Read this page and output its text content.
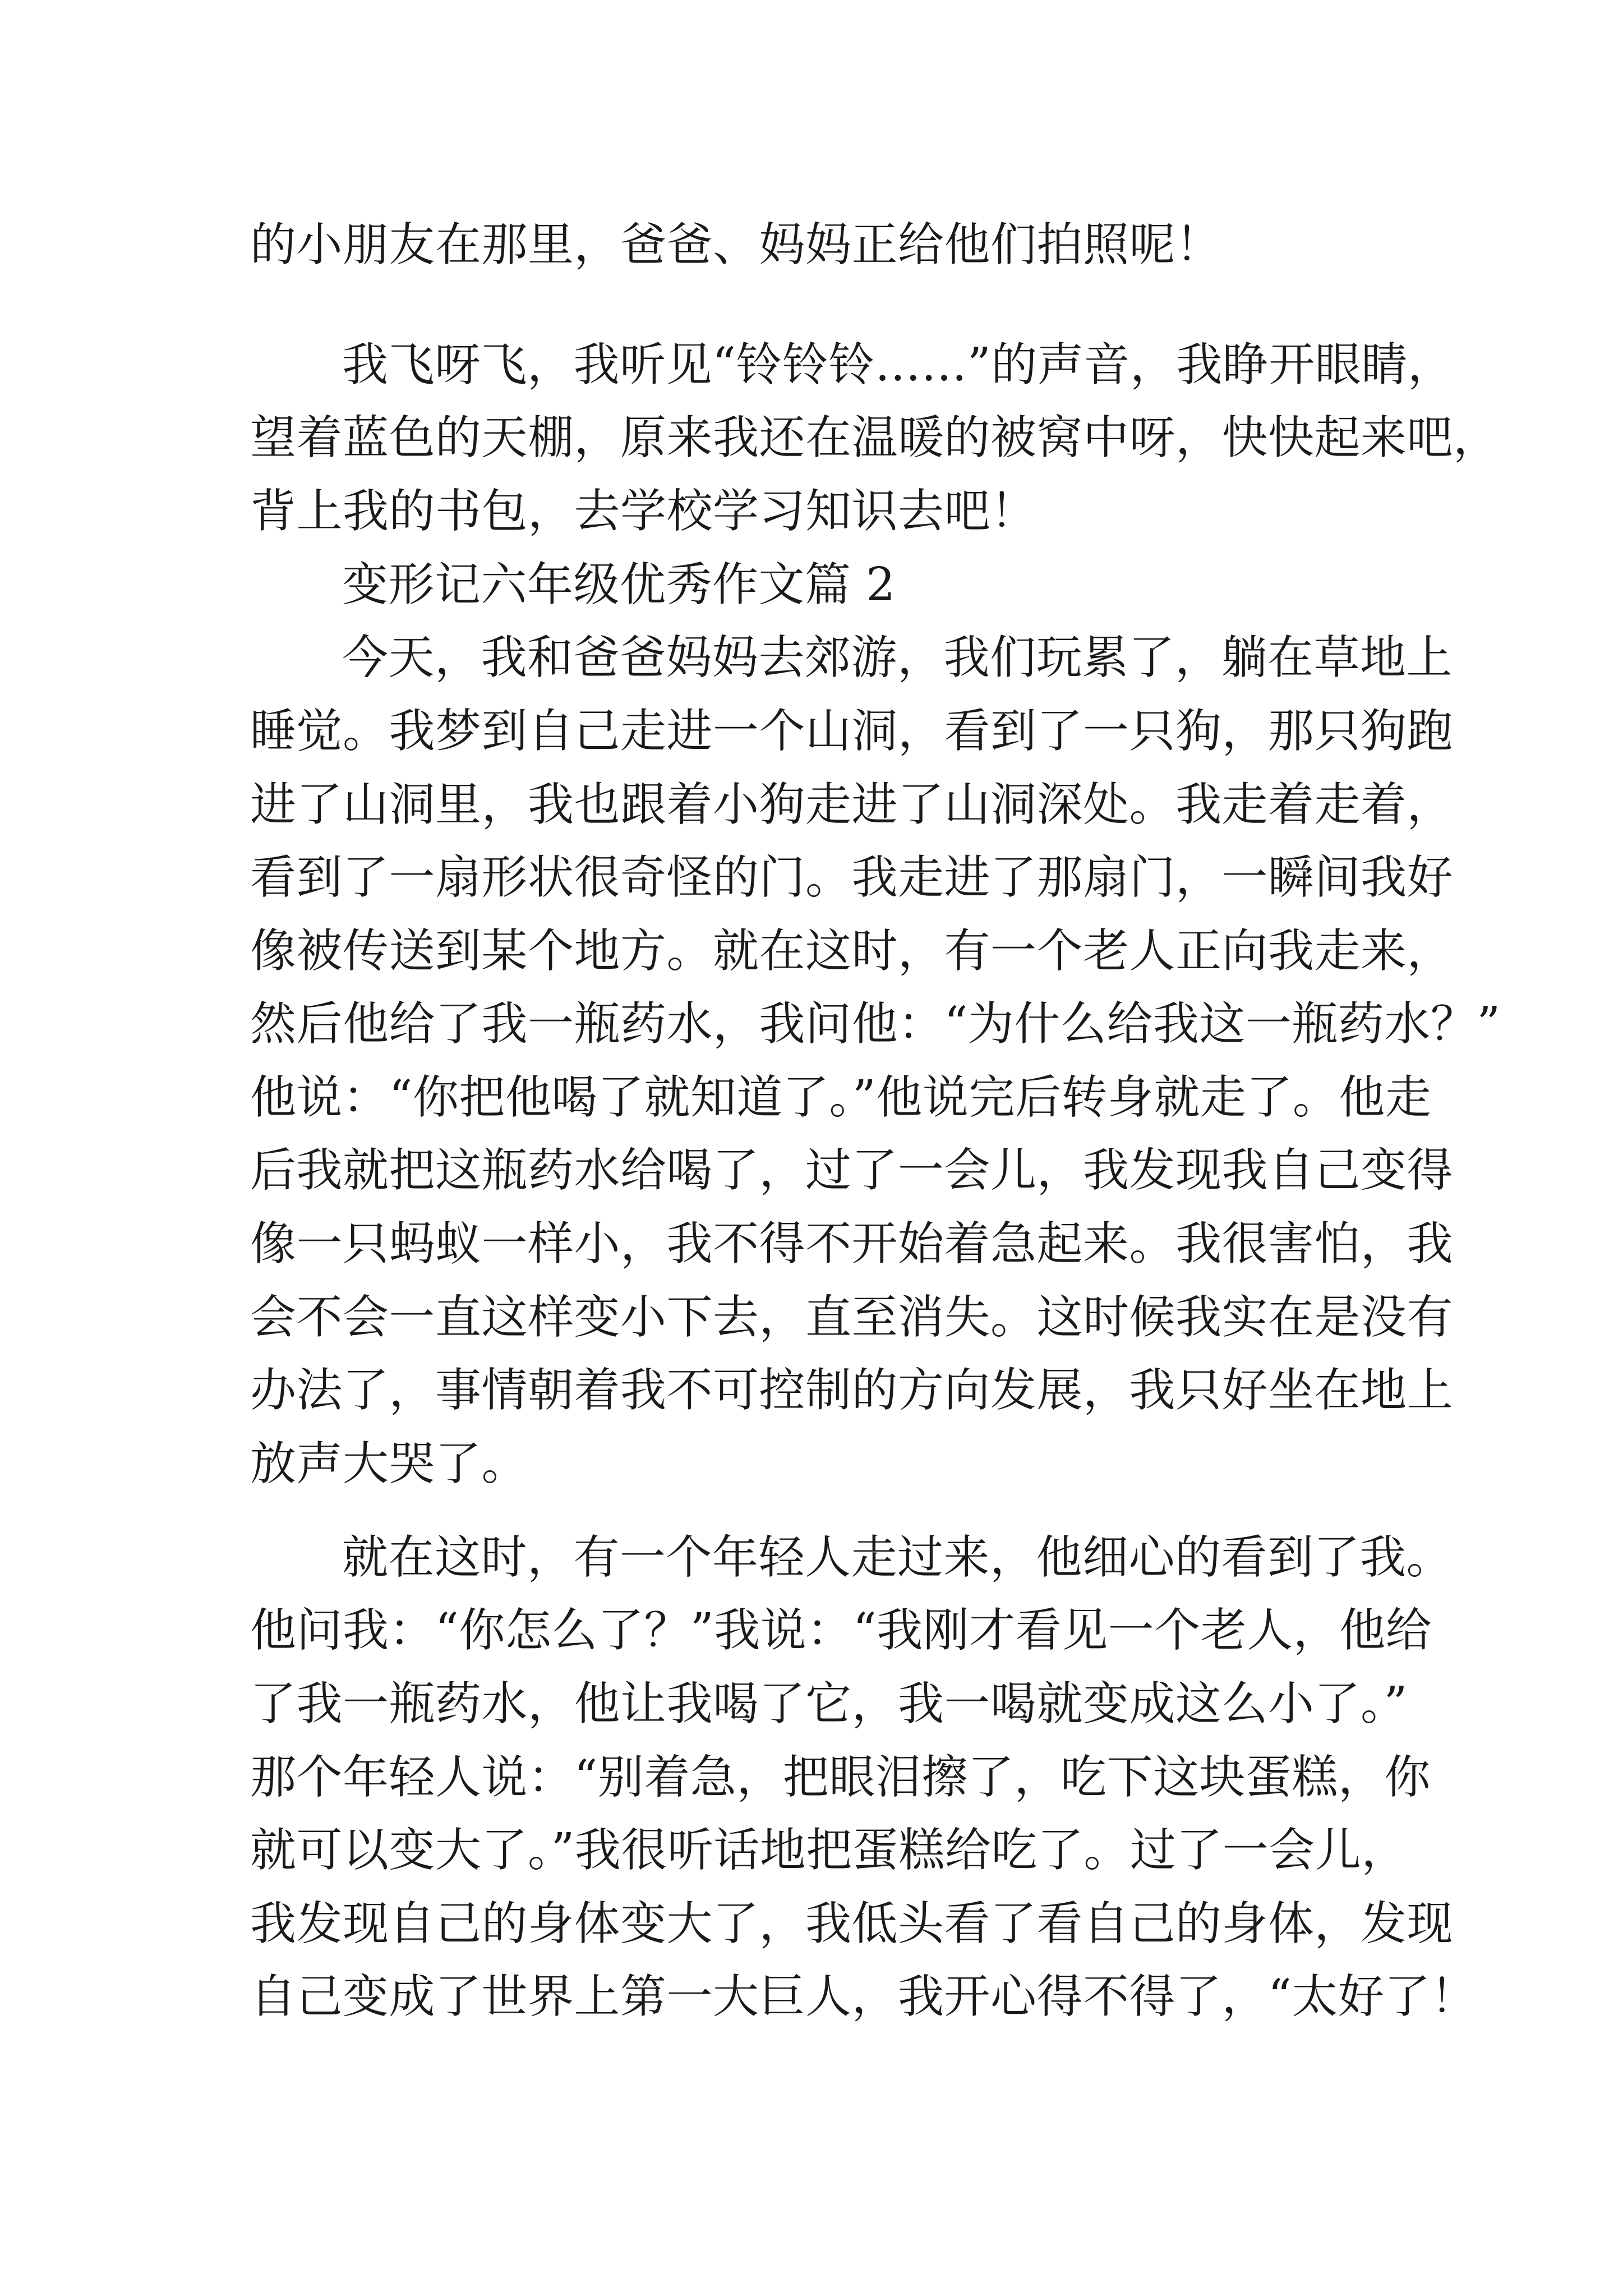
的小朋友在那里，爸爸、妈妈正给他们拍照呢！
我飞呀飞，我听见“铃铃铃……”的声音，我睁开眼睛，
望着蓝色的天棚，原来我还在温暖的被窝中呀，快快起来吧，
背上我的书包，去学校学习知识去吧！
变形记六年级优秀作文篇 2
今天，我和爸爸妈妈去郊游，我们玩累了，躺在草地上
睡觉。我梦到自己走进一个山洞，看到了一只狗，那只狗跑
进了山洞里，我也跟着小狗走进了山洞深处。我走着走着，
看到了一扇形状很奇怪的门。我走进了那扇门，一瞬间我好
像被传送到某个地方。就在这时，有一个老人正向我走来，
然后他给了我一瓶药水，我问他：“为什么给我这一瓶药水？”
他说：“你把他喝了就知道了。”他说完后转身就走了。他走
后我就把这瓶药水给喝了，过了一会儿，我发现我自己变得
像一只蚂蚁一样小，我不得不开始着急起来。我很害怕，我
会不会一直这样变小下去，直至消失。这时候我实在是没有
办法了，事情朝着我不可控制的方向发展，我只好坐在地上
放声大哭了。
就在这时，有一个年轻人走过来，他细心的看到了我。
他问我：“你怎么了？”我说：“我刚才看见一个老人，他给
了我一瓶药水，他让我喝了它，我一喝就变成这么小了。”
那个年轻人说：“别着急，把眼泪擦了，吃下这块蛋糕，你
就可以变大了。”我很听话地把蛋糕给吃了。过了一会儿，
我发现自己的身体变大了，我低头看了看自己的身体，发现
自己变成了世界上第一大巨人，我开心得不得了，“太好了！
